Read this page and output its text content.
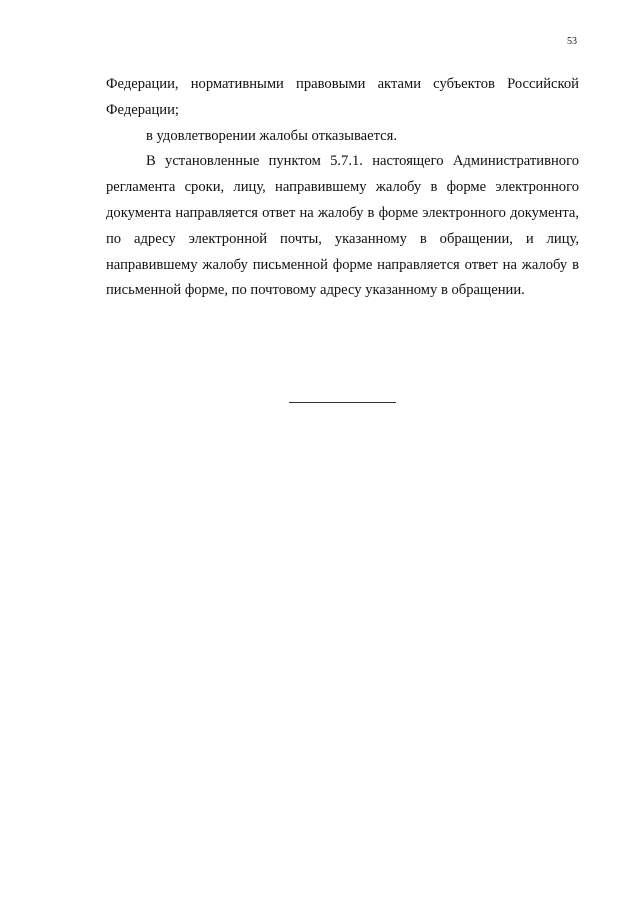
53

Федерации, нормативными правовыми актами субъектов Российской Федерации;

в удовлетворении жалобы отказывается.

В установленные пунктом 5.7.1. настоящего Административного регламента сроки, лицу, направившему жалобу в форме электронного документа направляется ответ на жалобу в форме электронного документа, по адресу электронной почты, указанному в обращении, и лицу, направившему жалобу письменной форме направляется ответ на жалобу в письменной форме, по почтовому адресу указанному в обращении.
